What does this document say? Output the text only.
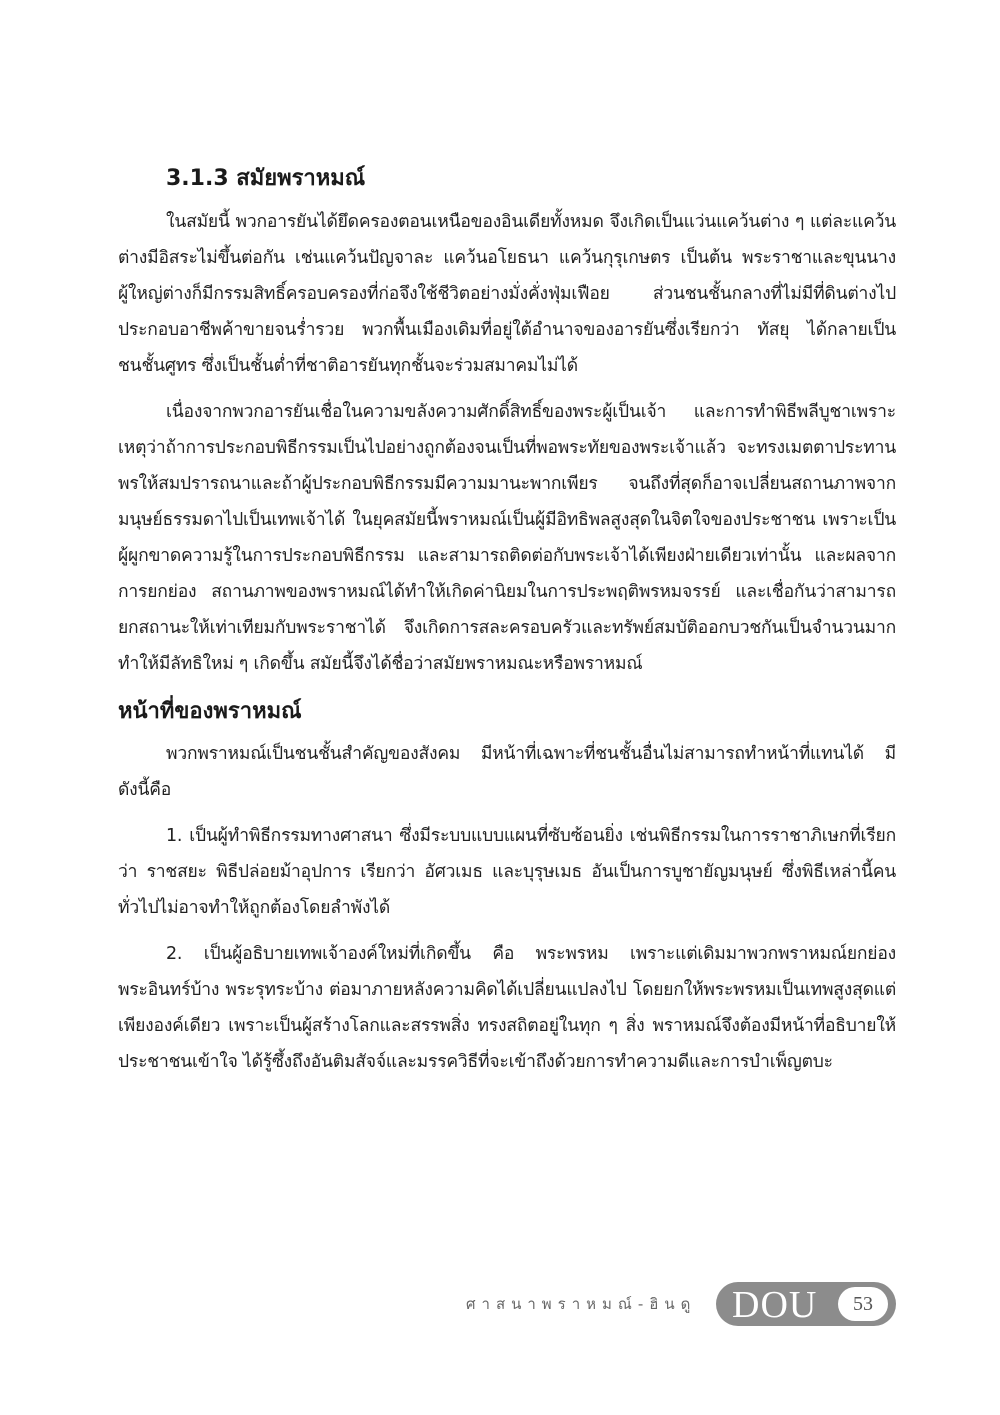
3.1.3 สมัยพราหมณ์

ในสมัยนี้ พวกอารยันได้ยึดครองตอนเหนือของอินเดียทั้งหมด จึงเกิดเป็นแว่นแคว้นต่าง ๆ แต่ละแคว้นต่างมีอิสระไม่ขึ้นต่อกัน เช่นแคว้นปัญจาละ แคว้นอโยธนา แคว้นกุรุเกษตร เป็นต้น พระราชาและขุนนางผู้ใหญ่ต่างก็มีกรรมสิทธิ์ครอบครองที่ก่อจึงใช้ชีวิตอย่างมั่งคั่งฟุ่มเฟือย ส่วนชนชั้นกลางที่ไม่มีที่ดินต่างไปประกอบอาชีพค้าขายจนร่ำรวย พวกพื้นเมืองเดิมที่อยู่ใต้อำนาจของอารยันซึ่งเรียกว่า ทัสยุ ได้กลายเป็นชนชั้นศูทร ซึ่งเป็นชั้นต่ำที่ชาติอารยันทุกชั้นจะร่วมสมาคมไม่ได้

เนื่องจากพวกอารยันเชื่อในความขลังความศักดิ์สิทธิ์ของพระผู้เป็นเจ้า และการทำพิธีพลีบูชาเพราะเหตุว่าถ้าการประกอบพิธีกรรมเป็นไปอย่างถูกต้องจนเป็นที่พอพระทัยของพระเจ้าแล้ว จะทรงเมตตาประทานพรให้สมปรารถนาและถ้าผู้ประกอบพิธีกรรมมีความมานะพากเพียร จนถึงที่สุดก็อาจเปลี่ยนสถานภาพจากมนุษย์ธรรมดาไปเป็นเทพเจ้าได้ ในยุคสมัยนี้พราหมณ์เป็นผู้มีอิทธิพลสูงสุดในจิตใจของประชาชน เพราะเป็นผู้ผูกขาดความรู้ในการประกอบพิธีกรรม และสามารถติดต่อกับพระเจ้าได้เพียงฝ่ายเดียวเท่านั้น และผลจากการยกย่อง สถานภาพของพราหมณ์ได้ทำให้เกิดค่านิยมในการประพฤติพรหมจรรย์ และเชื่อกันว่าสามารถยกสถานะให้เท่าเทียมกับพระราชาได้ จึงเกิดการสละครอบครัวและทรัพย์สมบัติออกบวชกันเป็นจำนวนมาก ทำให้มีลัทธิใหม่ ๆ เกิดขึ้น สมัยนี้จึงได้ชื่อว่าสมัยพราหมณะหรือพราหมณ์

หน้าที่ของพราหมณ์

พวกพราหมณ์เป็นชนชั้นสำคัญของสังคม มีหน้าที่เฉพาะที่ชนชั้นอื่นไม่สามารถทำหน้าที่แทนได้ มีดังนี้คือ

1. เป็นผู้ทำพิธีกรรมทางศาสนา ซึ่งมีระบบแบบแผนที่ซับซ้อนยิ่ง เช่นพิธีกรรมในการราชาภิเษกที่เรียกว่า ราชสยะ พิธีปล่อยม้าอุปการ เรียกว่า อัศวเมธ และบุรุษเมธ อันเป็นการบูชายัญมนุษย์ ซึ่งพิธีเหล่านี้คนทั่วไปไม่อาจทำให้ถูกต้องโดยลำพังได้

2. เป็นผู้อธิบายเทพเจ้าองค์ใหม่ที่เกิดขึ้น คือ พระพรหม เพราะแต่เดิมมาพวกพราหมณ์ยกย่องพระอินทร์บ้าง พระรุทระบ้าง ต่อมาภายหลังความคิดได้เปลี่ยนแปลงไป โดยยกให้พระพรหมเป็นเทพสูงสุดแต่เพียงองค์เดียว เพราะเป็นผู้สร้างโลกและสรรพสิ่ง ทรงสถิตอยู่ในทุก ๆ สิ่ง พราหมณ์จึงต้องมีหน้าที่อธิบายให้ประชาชนเข้าใจ ได้รู้ซึ้งถึงอันติมสัจจ์และมรรควิธีที่จะเข้าถึงด้วยการทำความดีและการบำเพ็ญตบะ

ศาสนาพราหมณ์-ฮินดู DOU	53
